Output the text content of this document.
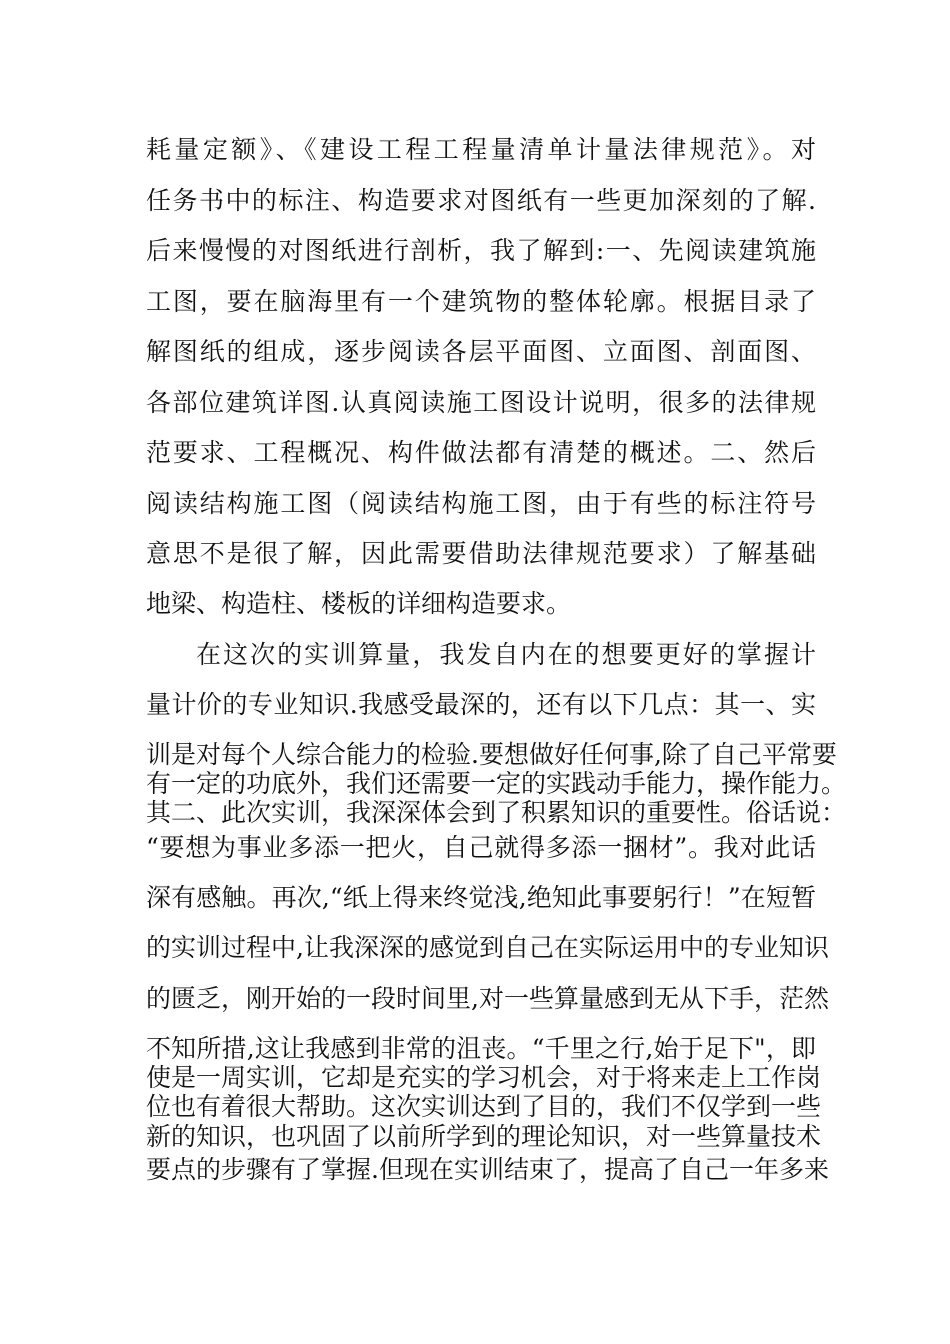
耗量定额》、《建设工程工程量清单计量法律规范》。对

任务书中的标注、构造要求对图纸有一些更加深刻的了解.

后来慢慢的对图纸进行剖析，我了解到:一、先阅读建筑施

工图，要在脑海里有一个建筑物的整体轮廓。根据目录了

解图纸的组成，逐步阅读各层平面图、立面图、剖面图、

各部位建筑详图.认真阅读施工图设计说明，很多的法律规

范要求、工程概况、构件做法都有清楚的概述。二、然后

阅读结构施工图（阅读结构施工图，由于有些的标注符号

意思不是很了解，因此需要借助法律规范要求）了解基础

地梁、构造柱、楼板的详细构造要求。

在这次的实训算量，我发自内在的想要更好的掌握计

量计价的专业知识.我感受最深的，还有以下几点：其一、实

训是对每个人综合能力的检验.要想做好任何事,除了自己平常要

有一定的功底外，我们还需要一定的实践动手能力，操作能力。

其二、此次实训，我深深体会到了积累知识的重要性。俗话说：

“要想为事业多添一把火，自己就得多添一捆材”。我对此话

深有感触。再次,“纸上得来终觉浅,绝知此事要躬行！”在短暂

的实训过程中,让我深深的感觉到自己在实际运用中的专业知识

的匮乏，刚开始的一段时间里,对一些算量感到无从下手，茫然

不知所措,这让我感到非常的沮丧。“千里之行,始于足下"，即

使是一周实训，它却是充实的学习机会，对于将来走上工作岗

位也有着很大帮助。这次实训达到了目的，我们不仅学到一些

新的知识，也巩固了以前所学到的理论知识，对一些算量技术

要点的步骤有了掌握.但现在实训结束了，提高了自己一年多来
